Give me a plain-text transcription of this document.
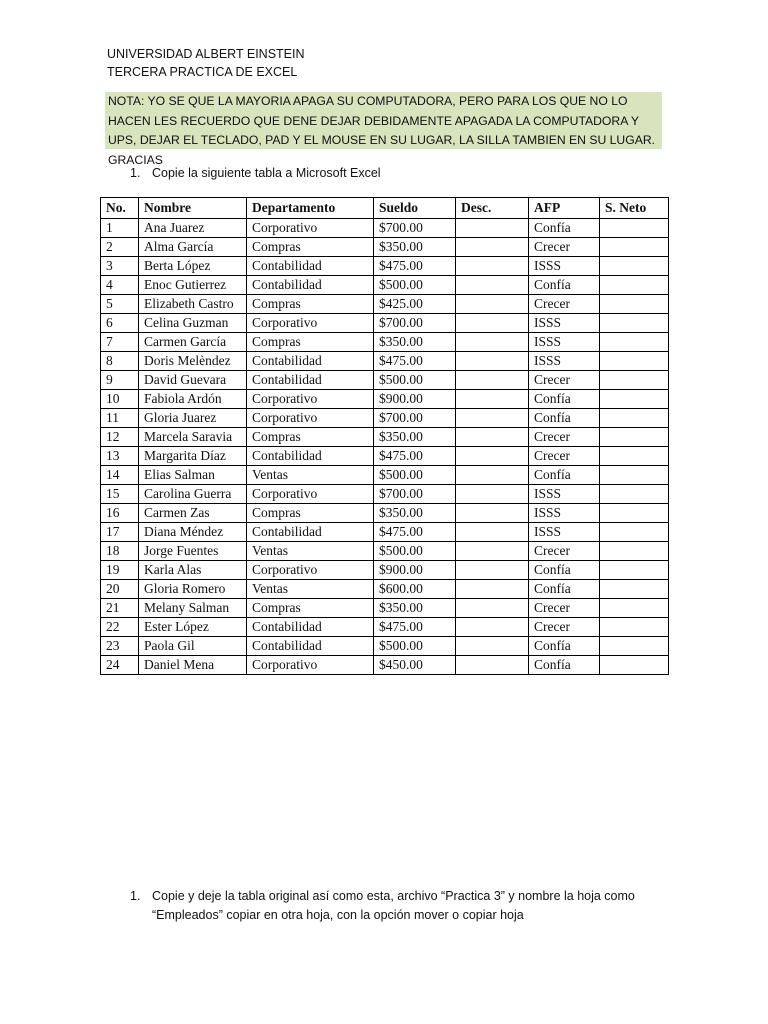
UNIVERSIDAD ALBERT EINSTEIN
TERCERA PRACTICA DE EXCEL
NOTA: YO SE QUE LA MAYORIA APAGA SU COMPUTADORA, PERO PARA LOS QUE NO LO HACEN LES RECUERDO QUE DENE DEJAR DEBIDAMENTE APAGADA LA COMPUTADORA Y UPS, DEJAR EL TECLADO, PAD Y EL MOUSE EN SU LUGAR, LA SILLA TAMBIEN EN SU LUGAR. GRACIAS
1. Copie la siguiente tabla a Microsoft Excel
No.	Nombre	Departamento	Sueldo	Desc.	AFP	S. Neto
1	Ana Juarez	Corporativo	$700.00		Confía	
2	Alma García	Compras	$350.00		Crecer	
3	Berta López	Contabilidad	$475.00		ISSS	
4	Enoc Gutierrez	Contabilidad	$500.00		Confía	
5	Elizabeth Castro	Compras	$425.00		Crecer	
6	Celina Guzman	Corporativo	$700.00		ISSS	
7	Carmen García	Compras	$350.00		ISSS	
8	Doris Melèndez	Contabilidad	$475.00		ISSS	
9	David Guevara	Contabilidad	$500.00		Crecer	
10	Fabiola Ardón	Corporativo	$900.00		Confía	
11	Gloria Juarez	Corporativo	$700.00		Confía	
12	Marcela Saravia	Compras	$350.00		Crecer	
13	Margarita Díaz	Contabilidad	$475.00		Crecer	
14	Elias Salman	Ventas	$500.00		Confía	
15	Carolina Guerra	Corporativo	$700.00		ISSS	
16	Carmen Zas	Compras	$350.00		ISSS	
17	Diana Méndez	Contabilidad	$475.00		ISSS	
18	Jorge Fuentes	Ventas	$500.00		Crecer	
19	Karla Alas	Corporativo	$900.00		Confía	
20	Gloria Romero	Ventas	$600.00		Confía	
21	Melany Salman	Compras	$350.00		Crecer	
22	Ester López	Contabilidad	$475.00		Crecer	
23	Paola Gil	Contabilidad	$500.00		Confía	
24	Daniel Mena	Corporativo	$450.00		Confía	
1. Copie y deje la tabla original así como esta, archivo “Practica 3” y nombre la hoja como
“Empleados” copiar en otra hoja, con la opción mover o copiar hoja
